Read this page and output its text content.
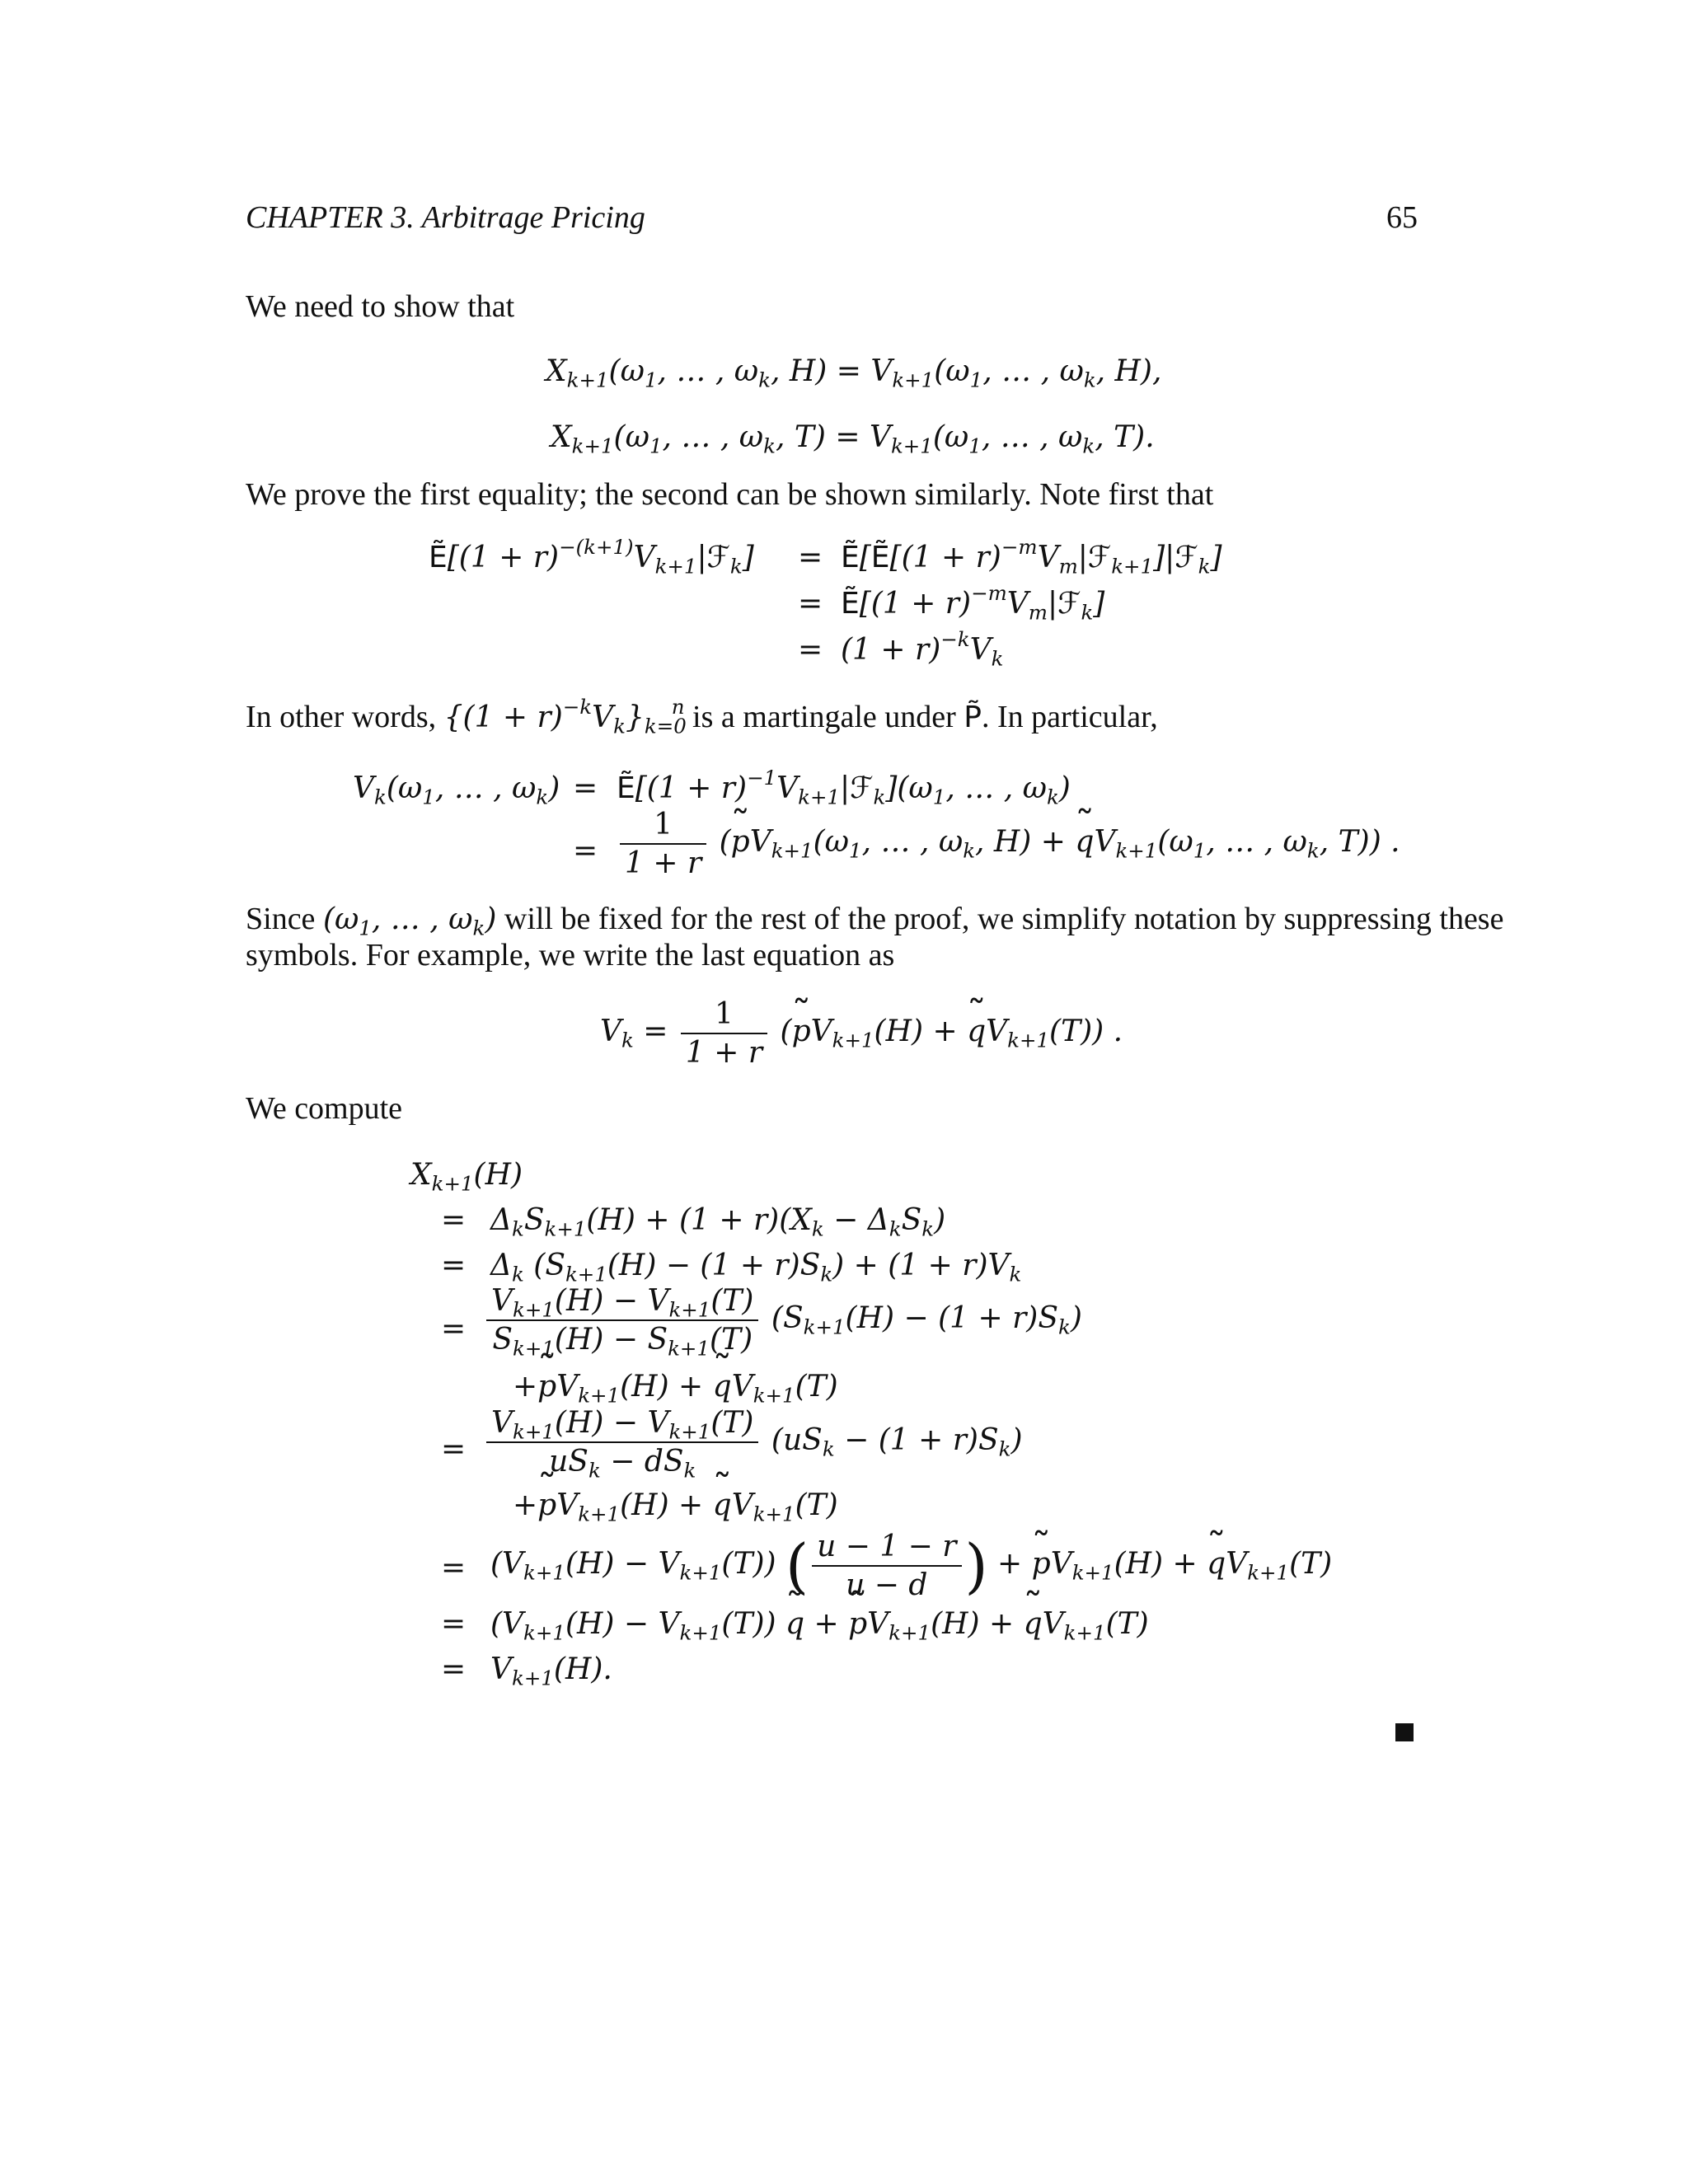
CHAPTER 3. Arbitrage Pricing	65
We need to show that
$X_{k+1}(\omega_1$, … , $\omega_k$, $H) = V_{k+1}(\omega_1$, … , $\omega_k$, H),
$X_{k+1}(\omega_1$, … , $\omega_k$, $T) = V_{k+1}(\omega_1$, … , $\omega_k$, T).
We prove the first equality; the second can be shown similarly. Note first that
Ẽ[(1 + $r)^{-(k+1)}V_{k+1}|ℱ_k$] = Ẽ[Ẽ[(1 + $r)^{-m}V_m|ℱ_{k+1}]|ℱ_k$]
= Ẽ[(1 + $r)^{-m}V_m|ℱ_k$]
= $(1 + r)^{-k}V_k$
In other words, $\{(1 + r)^{-k}V_k\}_{k=0}^n$ is a martingale under P̃. In particular,
$V_k(\omega_1$, … , $\omega_k$) = Ẽ[(1 + $r)^{-1}V_{k+1}|ℱ_k](\omega_1$, … , $\omega_k$)
= $\frac{1}{1 + r}$ (˜ $pV_{k+1}(\omega_1$, … , $\omega_k$, H) + ˜ $qV_{k+1}(\omega_1$, … , $\omega_k$, T)) .
Since ($\omega_1$, … , $\omega_k$) will be fixed for the rest of the proof, we simplify notation by suppressing these
symbols. For example, we write the last equation as
$V_k = \frac{1}{1 + r}$ (˜ $pV_{k+1}(H)$ + ˜ $qV_{k+1}(T)$) .
We compute
$X_{k+1}(H)$
= $\Delta_kS_{k+1}(H) + (1 + r)(X_k - \Delta_kS_k)$
= $\Delta_k$ $(S_{k+1}(H) - (1 + r)S_k) + (1 + r)V_k$
= $\frac{V_{k+1}(H) - V_{k+1}(T)}{S_{k+1}(H) - S_{k+1}(T)} (S_{k+1}(H) - (1 + r)S_k)$
+˜ $pV_{k+1}(H)$ + ˜ $qV_{k+1}(T)$
= $\frac{V_{k+1}(H) - V_{k+1}(T)}{uS_k - dS_k} (uS_k - (1 + r)S_k)$
+˜ $pV_{k+1}(H)$ + ˜ $qV_{k+1}(T)$
= $(V_{k+1}(H) - V_{k+1}(T))$ ( $\frac{u - 1 - r}{u - d}$ ) + ˜ $pV_{k+1}(H)$ + ˜ $qV_{k+1}(T)$
= $(V_{k+1}(H) - V_{k+1}(T))$ ˜ q + ˜ $pV_{k+1}(H)$ + ˜ $qV_{k+1}(T)$
= $V_{k+1}(H)$.
